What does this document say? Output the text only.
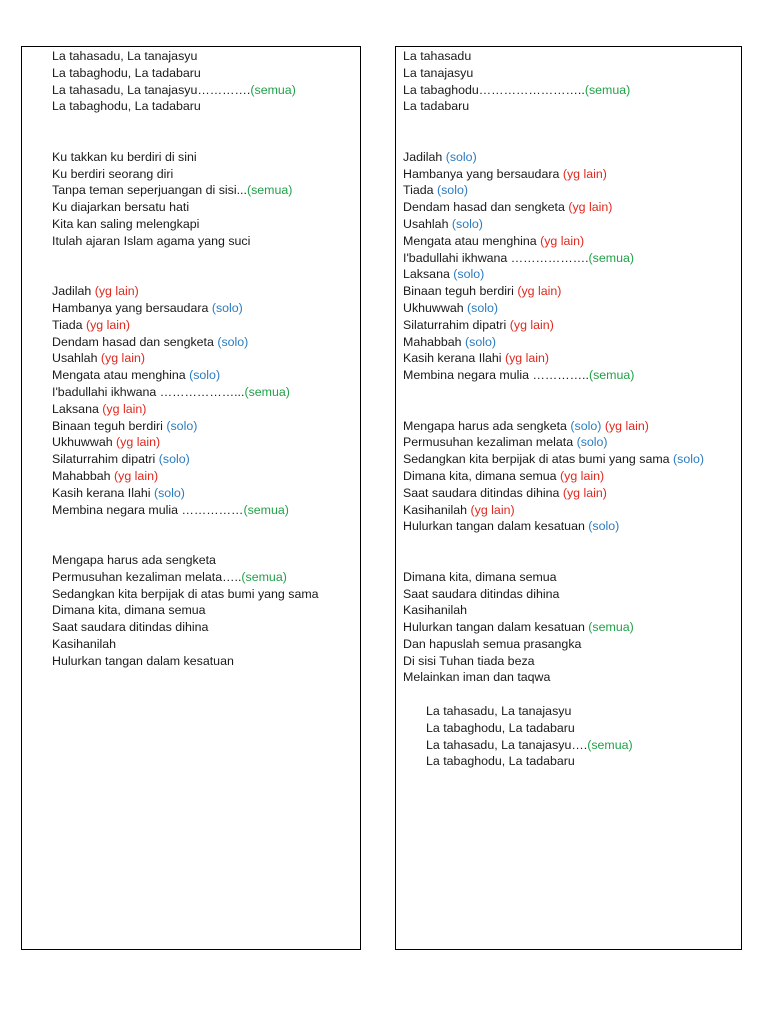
La tahasadu, La tanajasyu
La tabaghodu, La tadabaru
La tahasadu, La tanajasyu………….(semua)
La tabaghodu, La tadabaru
Ku takkan ku berdiri di sini
Ku berdiri seorang diri
Tanpa teman seperjuangan di sisi...(semua)
Ku diajarkan bersatu hati
Kita kan saling melengkapi
Itulah ajaran Islam agama yang suci
Jadilah (yg lain)
Hambanya yang bersaudara (solo)
Tiada (yg lain)
Dendam hasad dan sengketa (solo)
Usahlah (yg lain)
Mengata atau menghina (solo)
I'badullahi ikhwana ………………...(semua)
Laksana (yg lain)
Binaan teguh berdiri (solo)
Ukhuwwah (yg lain)
Silaturrahim dipatri (solo)
Mahabbah (yg lain)
Kasih kerana Ilahi (solo)
Membina negara mulia ……………(semua)
Mengapa harus ada sengketa
Permusuhan kezaliman melata…..(semua)
Sedangkan kita berpijak di atas bumi yang sama
Dimana kita, dimana semua
Saat saudara ditindas dihina
Kasihanilah
Hulurkan tangan dalam kesatuan
La tahasadu
La tanajasyu
La tabaghodu……………………..(semua)
La tadabaru
Jadilah (solo)
Hambanya yang bersaudara (yg lain)
Tiada (solo)
Dendam hasad dan sengketa (yg lain)
Usahlah (solo)
Mengata atau menghina (yg lain)
I'badullahi ikhwana ……………….(semua)
Laksana (solo)
Binaan teguh berdiri (yg lain)
Ukhuwwah (solo)
Silaturrahim dipatri (yg lain)
Mahabbah (solo)
Kasih kerana Ilahi (yg lain)
Membina negara mulia …………..(semua)
Mengapa harus ada sengketa (solo) (yg lain)
Permusuhan kezaliman melata (solo)
Sedangkan kita berpijak di atas bumi yang sama (solo)
Dimana kita, dimana semua (yg lain)
Saat saudara ditindas dihina (yg lain)
Kasihanilah (yg lain)
Hulurkan tangan dalam kesatuan (solo)
Dimana kita, dimana semua
Saat saudara ditindas dihina
Kasihanilah
Hulurkan tangan dalam kesatuan (semua)
Dan hapuslah semua prasangka
Di sisi Tuhan tiada beza
Melainkan iman dan taqwa
La tahasadu, La tanajasyu
La tabaghodu, La tadabaru
La tahasadu, La tanajasyu….(semua)
La tabaghodu, La tadabaru
